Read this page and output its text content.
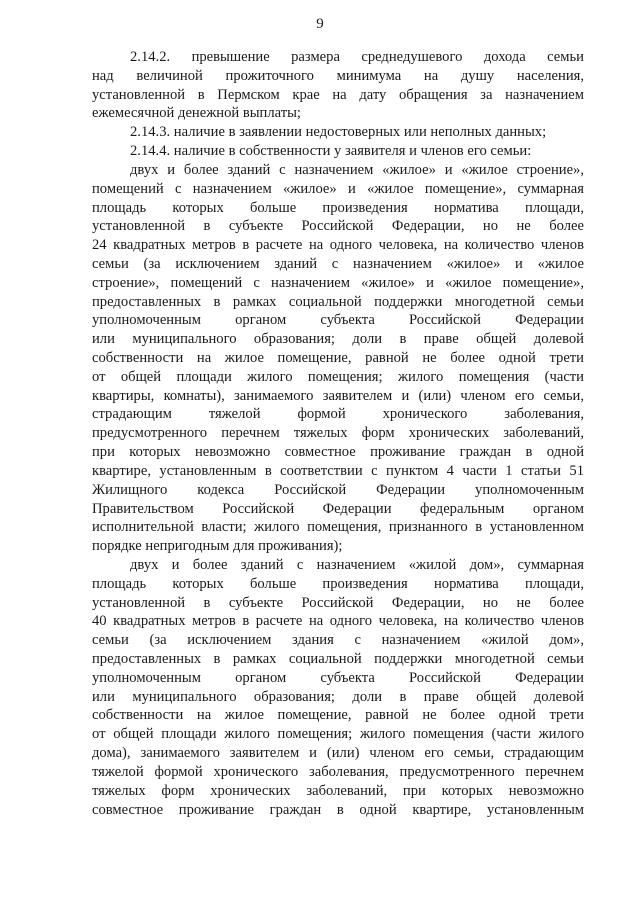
9
2.14.2. превышение размера среднедушевого дохода семьи
над величиной прожиточного минимума на душу населения,
установленной в Пермском крае на дату обращения за назначением
ежемесячной денежной выплаты;
2.14.3. наличие в заявлении недостоверных или неполных данных;
2.14.4. наличие в собственности у заявителя и членов его семьи:
двух и более зданий с назначением «жилое» и «жилое строение»,
помещений с назначением «жилое» и «жилое помещение», суммарная
площадь которых больше произведения норматива площади,
установленной в субъекте Российской Федерации, но не более
24 квадратных метров в расчете на одного человека, на количество членов
семьи (за исключением зданий с назначением «жилое» и «жилое
строение», помещений с назначением «жилое» и «жилое помещение»,
предоставленных в рамках социальной поддержки многодетной семьи
уполномоченным органом субъекта Российской Федерации
или муниципального образования; доли в праве общей долевой
собственности на жилое помещение, равной не более одной трети
от общей площади жилого помещения; жилого помещения (части
квартиры, комнаты), занимаемого заявителем и (или) членом его семьи,
страдающим тяжелой формой хронического заболевания,
предусмотренного перечнем тяжелых форм хронических заболеваний,
при которых невозможно совместное проживание граждан в одной
квартире, установленным в соответствии с пунктом 4 части 1 статьи 51
Жилищного кодекса Российской Федерации уполномоченным
Правительством Российской Федерации федеральным органом
исполнительной власти; жилого помещения, признанного в установленном
порядке непригодным для проживания);
двух и более зданий с назначением «жилой дом», суммарная
площадь которых больше произведения норматива площади,
установленной в субъекте Российской Федерации, но не более
40 квадратных метров в расчете на одного человека, на количество членов
семьи (за исключением здания с назначением «жилой дом»,
предоставленных в рамках социальной поддержки многодетной семьи
уполномоченным органом субъекта Российской Федерации
или муниципального образования; доли в праве общей долевой
собственности на жилое помещение, равной не более одной трети
от общей площади жилого помещения; жилого помещения (части жилого
дома), занимаемого заявителем и (или) членом его семьи, страдающим
тяжелой формой хронического заболевания, предусмотренного перечнем
тяжелых форм хронических заболеваний, при которых невозможно
совместное проживание граждан в одной квартире, установленным
